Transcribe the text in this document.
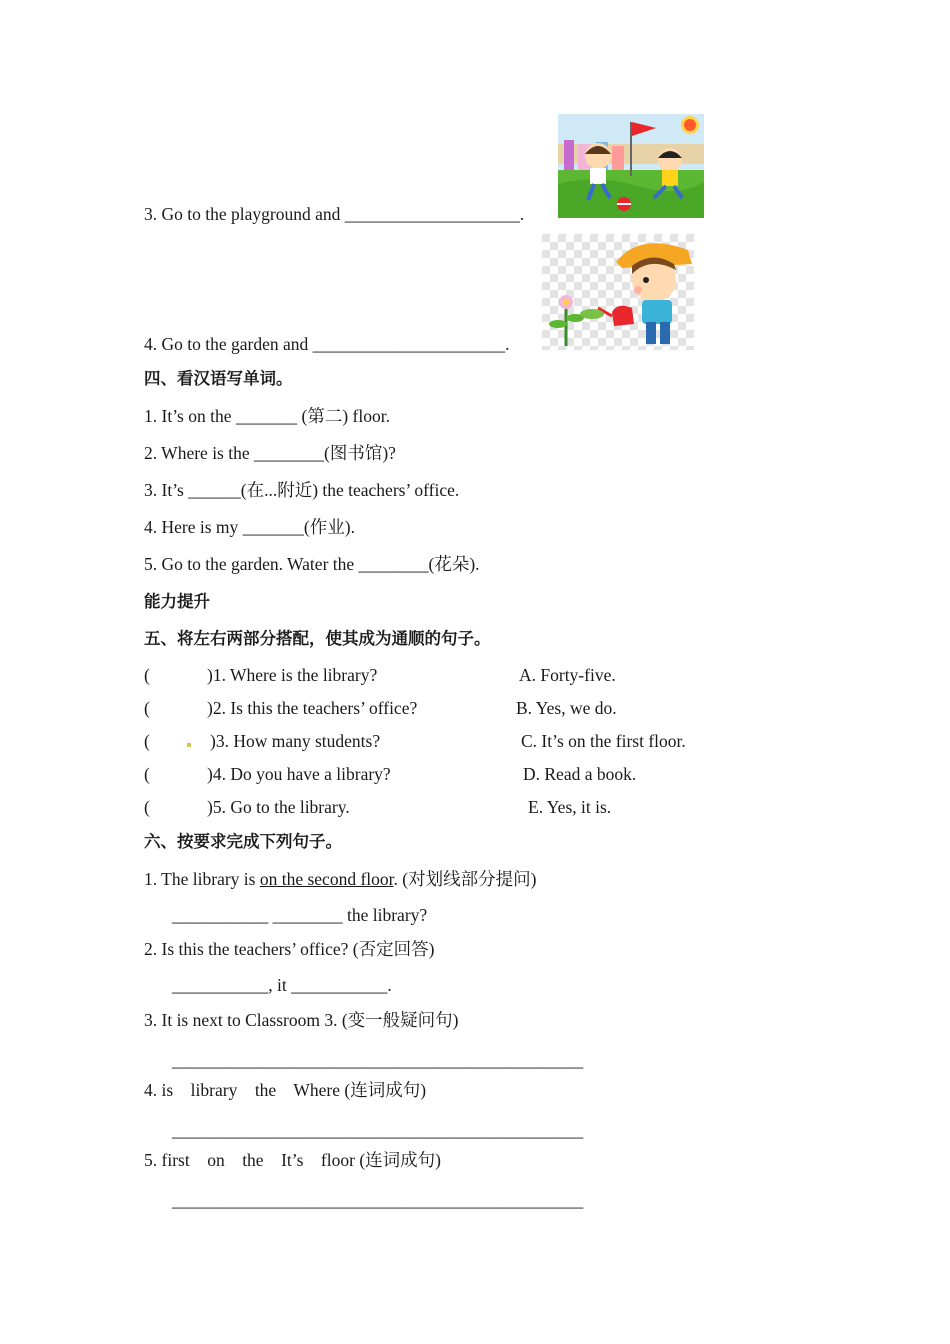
3. Go to the playground and ____________________.
4. Go to the garden and ______________________.
四、看汉语写单词。
1. It’s on the _______ (第二) floor.
2. Where is the ________(图书馆)?
3. It’s ______(在...附近) the teachers’ office.
4. Here is my _______(作业).
5. Go to the garden. Water the ________(花朵).
能力提升
五、将左右两部分搭配，使其成为通顺的句子。
(	)1. Where is the library?	A. Forty-five.
(	)2. Is this the teachers’ office?	B. Yes, we do.
(	)3. How many students?	C. It’s on the first floor.
(	)4. Do you have a library?	D. Read a book.
(	)5. Go to the library.	E. Yes, it is.
六、按要求完成下列句子。
1. The library is on the second floor. (对划线部分提问)
___________ ________ the library?
2. Is this the teachers’ office? (否定回答)
___________, it ___________.
3. It is next to Classroom 3. (变一般疑问句)
_______________________________________________
4. is    library    the    Where (连词成句)
_______________________________________________
5. first    on    the    It’s    floor (连词成句)
_______________________________________________
